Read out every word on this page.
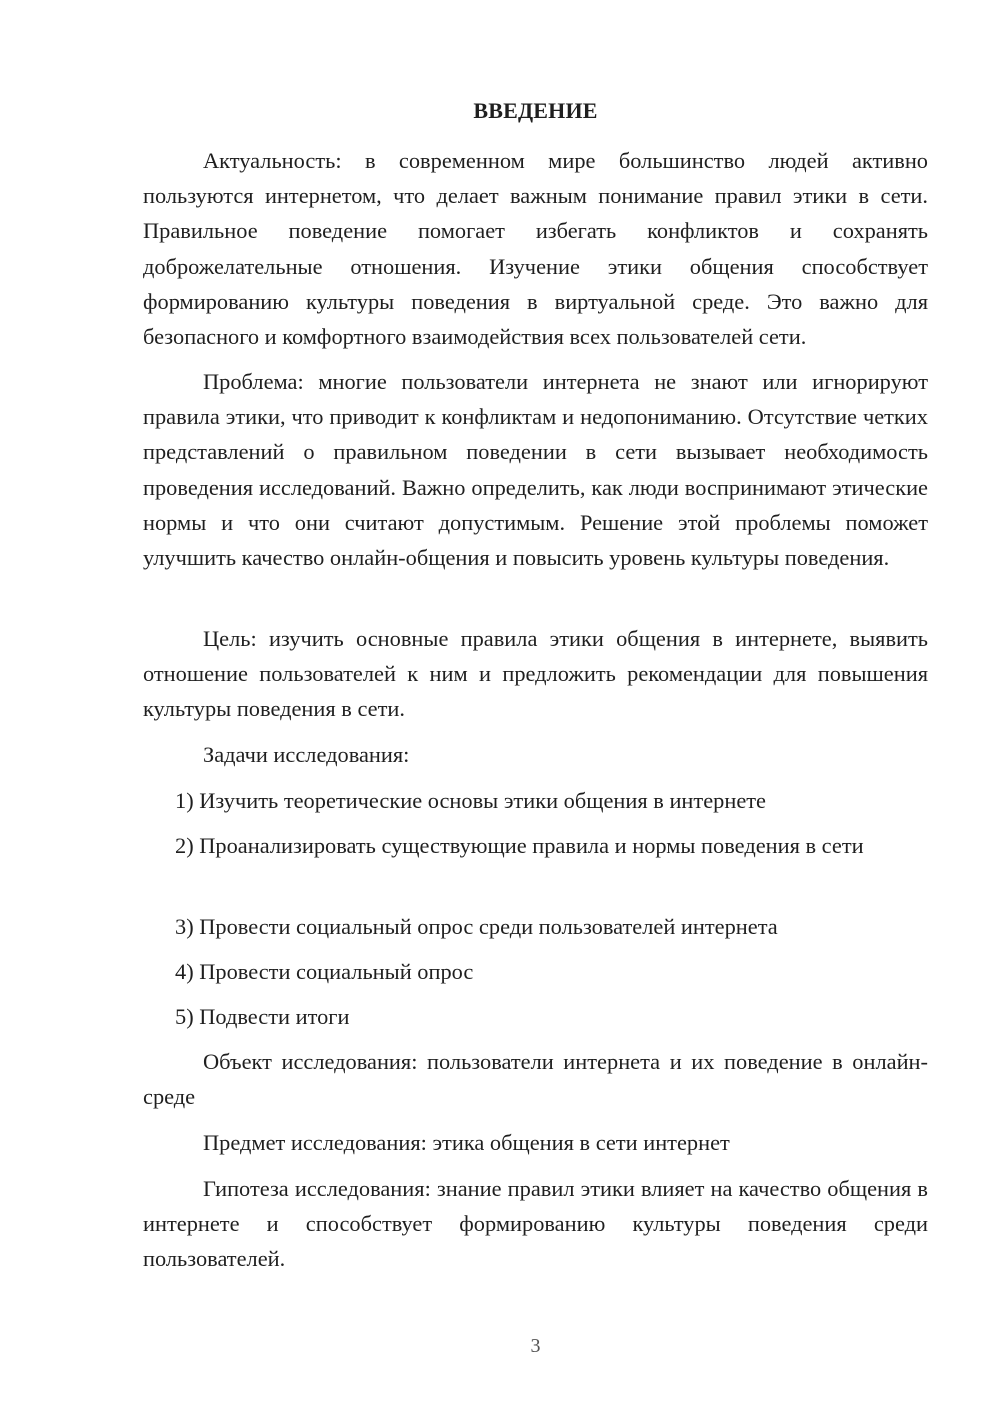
ВВЕДЕНИЕ

Актуальность: в современном мире большинство людей активно пользуются интернетом, что делает важным понимание правил этики в сети. Правильное поведение помогает избегать конфликтов и сохранять доброжелательные отношения. Изучение этики общения способствует формированию культуры поведения в виртуальной среде. Это важно для безопасного и комфортного взаимодействия всех пользователей сети.

Проблема: многие пользователи интернета не знают или игнорируют правила этики, что приводит к конфликтам и недопониманию. Отсутствие четких представлений о правильном поведении в сети вызывает необходимость проведения исследований. Важно определить, как люди воспринимают этические нормы и что они считают допустимым. Решение этой проблемы поможет улучшить качество онлайн-общения и повысить уровень культуры поведения.

Цель: изучить основные правила этики общения в интернете, выявить отношение пользователей к ним и предложить рекомендации для повышения культуры поведения в сети.

Задачи исследования:

1) Изучить теоретические основы этики общения в интернете

2) Проанализировать существующие правила и нормы поведения в сети

3) Провести социальный опрос среди пользователей интернета

4) Провести социальный опрос

5) Подвести итоги

Объект исследования: пользователи интернета и их поведение в онлайн-среде

Предмет исследования: этика общения в сети интернет

Гипотеза исследования: знание правил этики влияет на качество общения в интернете и способствует формированию культуры поведения среди пользователей.

3
